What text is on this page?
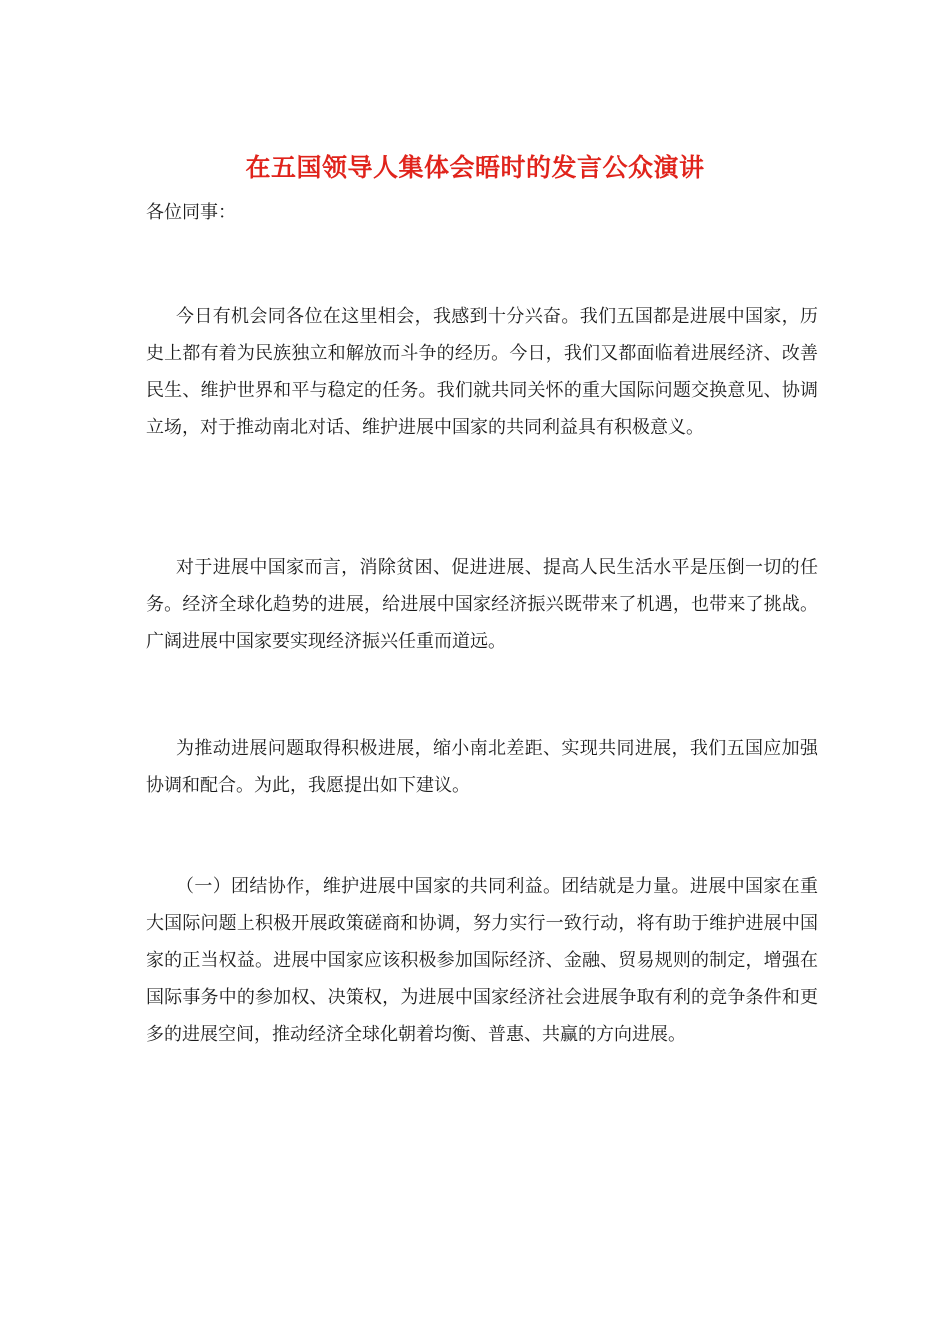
在五国领导人集体会晤时的发言公众演讲
各位同事：

今日有机会同各位在这里相会，我感到十分兴奋。我们五国都是进展中国家，历史上都有着为民族独立和解放而斗争的经历。今日，我们又都面临着进展经济、改善民生、维护世界和平与稳定的任务。我们就共同关怀的重大国际问题交换意见、协调立场，对于推动南北对话、维护进展中国家的共同利益具有积极意义。

对于进展中国家而言，消除贫困、促进进展、提高人民生活水平是压倒一切的任务。经济全球化趋势的进展，给进展中国家经济振兴既带来了机遇，也带来了挑战。广阔进展中国家要实现经济振兴任重而道远。

为推动进展问题取得积极进展，缩小南北差距、实现共同进展，我们五国应加强协调和配合。为此，我愿提出如下建议。

（一）团结协作，维护进展中国家的共同利益。团结就是力量。进展中国家在重大国际问题上积极开展政策磋商和协调，努力实行一致行动，将有助于维护进展中国家的正当权益。进展中国家应该积极参加国际经济、金融、贸易规则的制定，增强在国际事务中的参加权、决策权，为进展中国家经济社会进展争取有利的竞争条件和更多的进展空间，推动经济全球化朝着均衡、普惠、共赢的方向进展。
